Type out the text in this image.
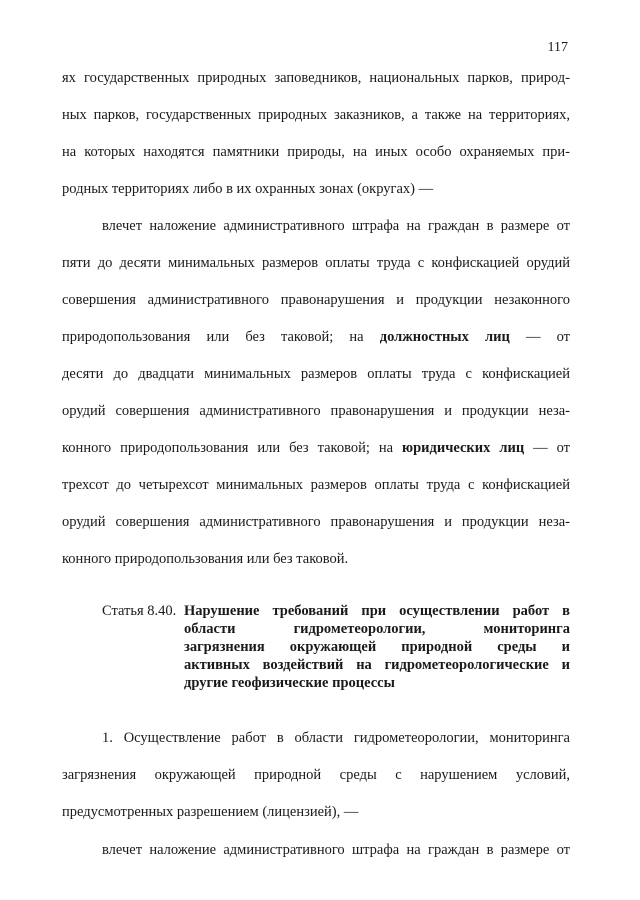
117
ях государственных природных заповедников, национальных парков, природ-
ных парков, государственных природных заказников, а также на территориях,
на которых находятся памятники природы, на иных особо охраняемых при-
родных территориях либо в их охранных зонах (округах) —
влечет наложение административного штрафа на граждан в размере от
пяти до десяти минимальных размеров оплаты труда с конфискацией орудий
совершения административного правонарушения и продукции незаконного
природопользования или без таковой; на должностных лиц — от
десяти до двадцати минимальных размеров оплаты труда с конфискацией
орудий совершения административного правонарушения и продукции неза-
конного природопользования или без таковой; на юридических лиц — от
трехсот до четырехсот минимальных размеров оплаты труда с конфискацией
орудий совершения административного правонарушения и продукции неза-
конного природопользования или без таковой.
Статья 8.40. Нарушение требований при осуществлении работ в
области гидрометеорологии, мониторинга
загрязнения окружающей природной среды и
активных воздействий на гидрометеорологические и
другие геофизические процессы
1. Осуществление работ в области гидрометеорологии, мониторинга
загрязнения окружающей природной среды с нарушением условий,
предусмотренных разрешением (лицензией), —
влечет наложение административного штрафа на граждан в размере от
